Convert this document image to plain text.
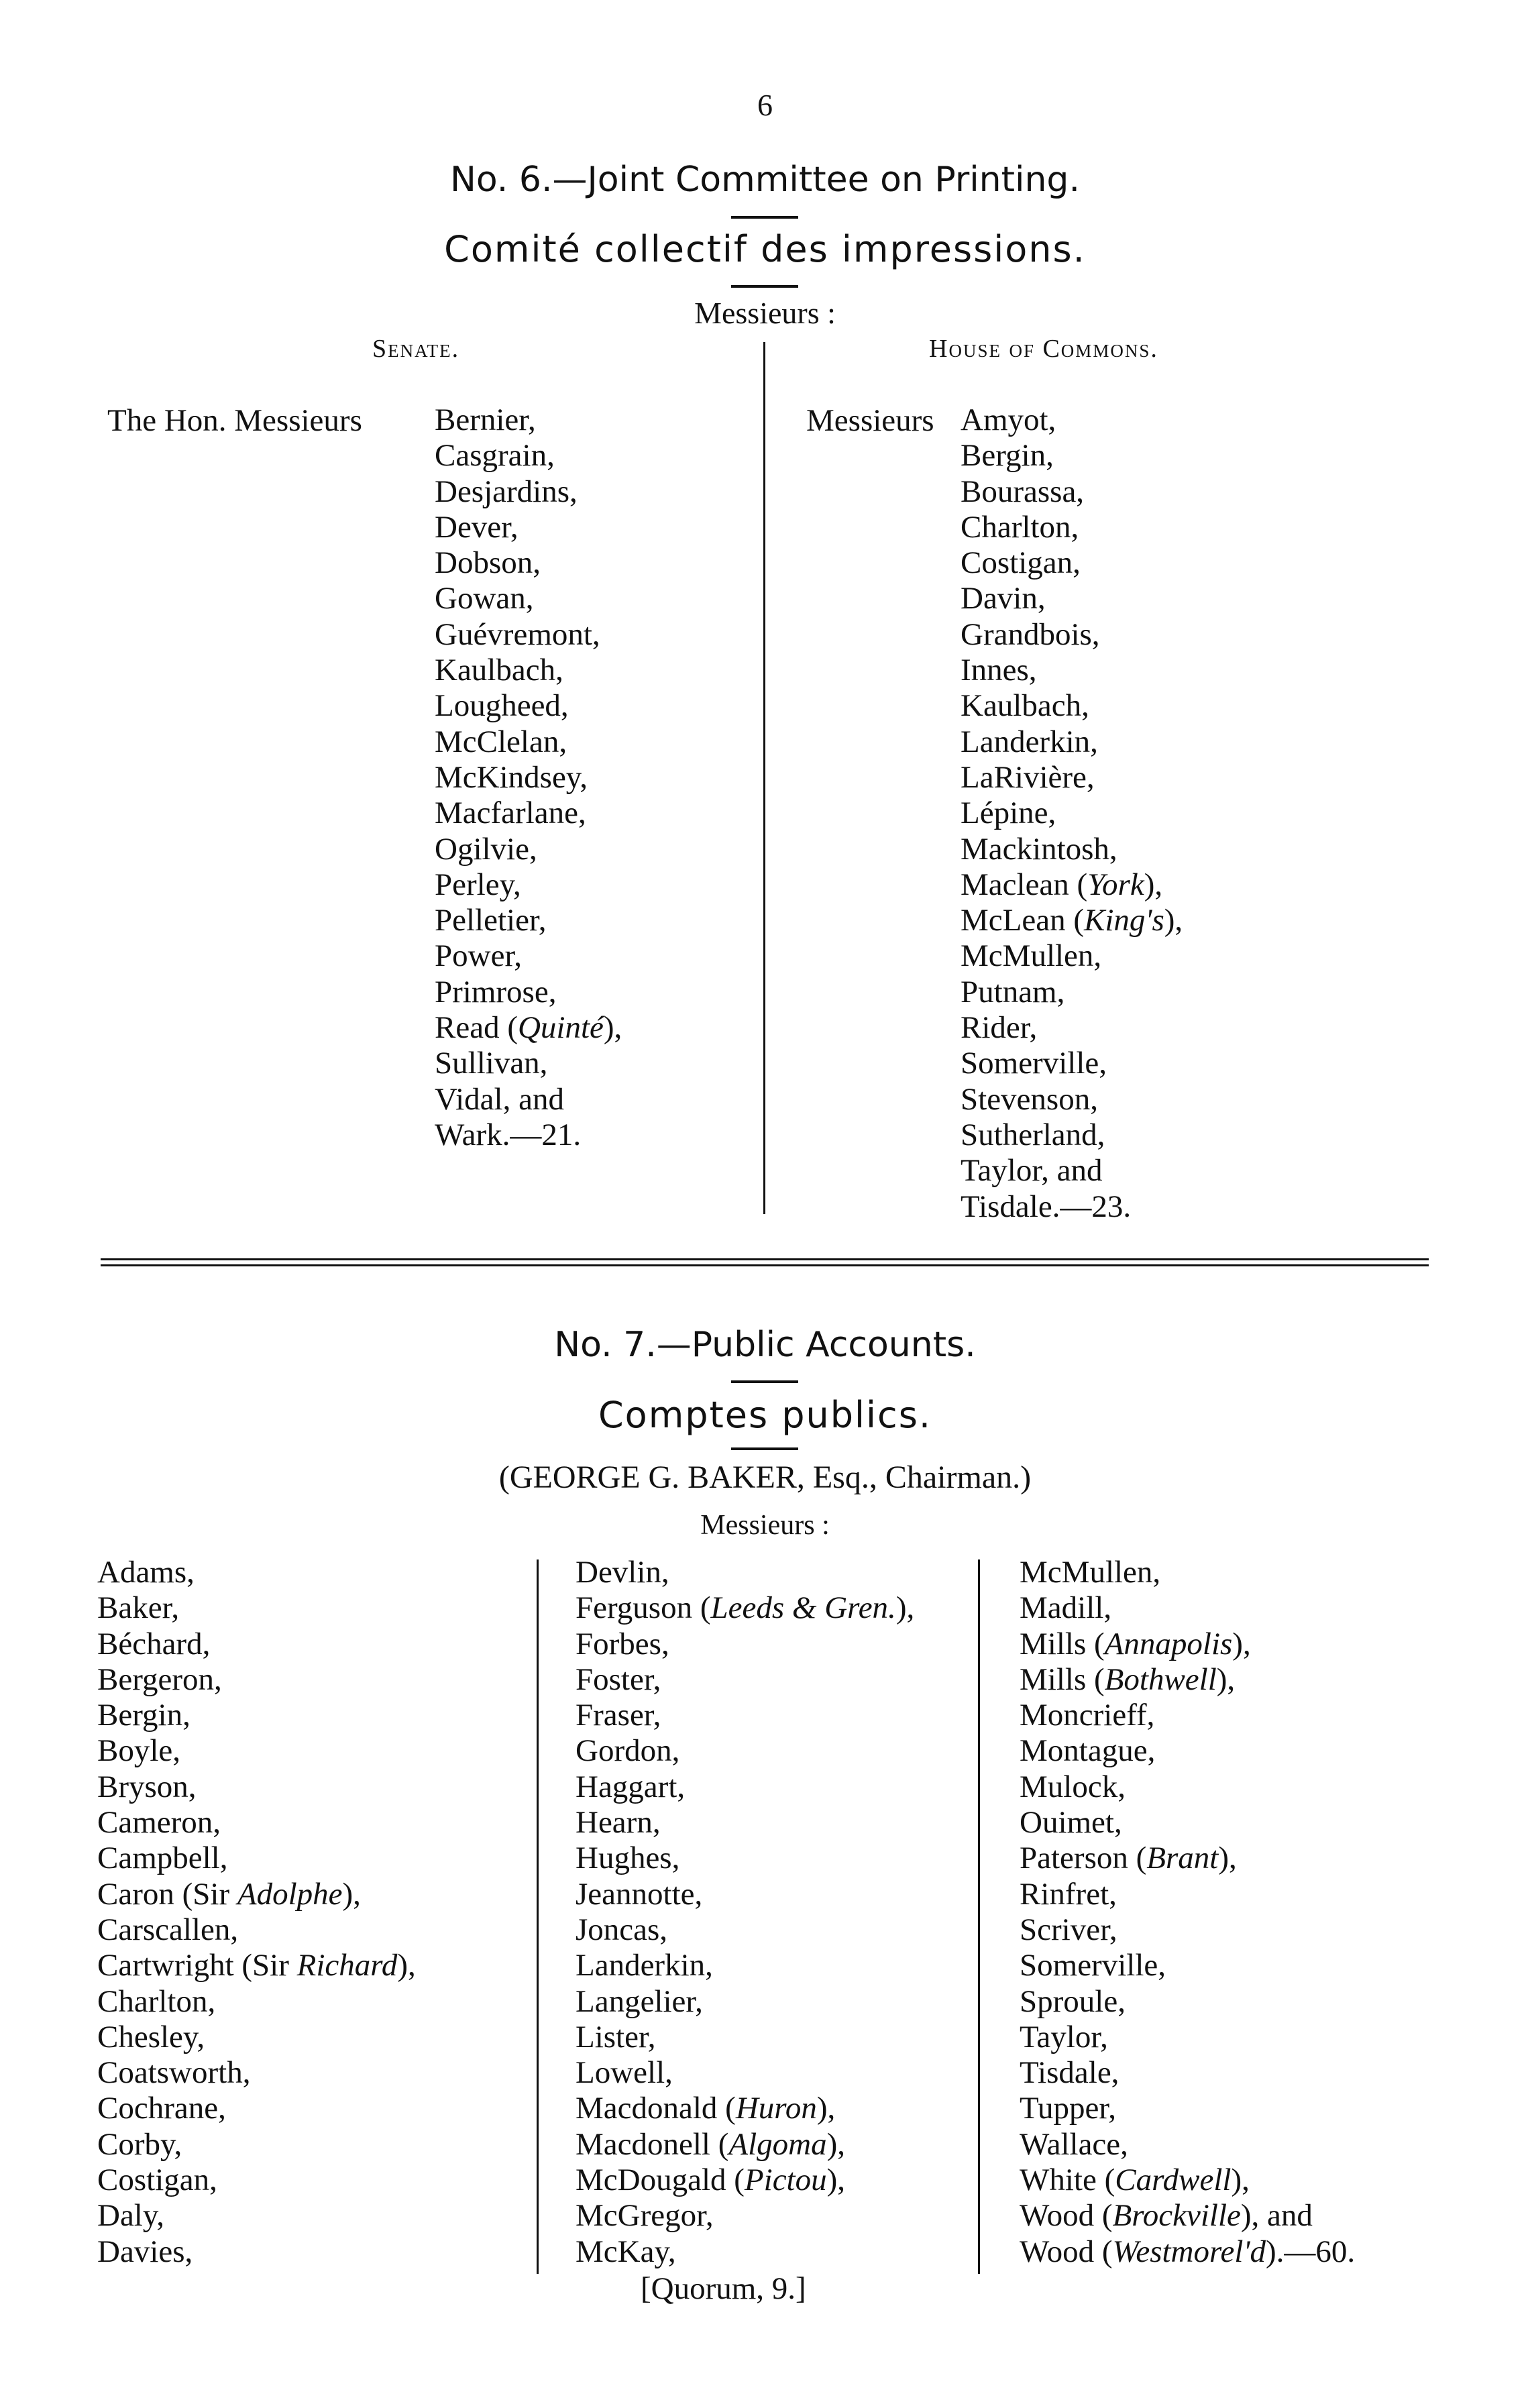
6
No. 6.—Joint Committee on Printing.
Comité collectif des impressions.
Messieurs :
Senate.	House of Commons.
The Hon. Messieurs Bernier,
Casgrain,
Desjardins,
Dever,
Dobson,
Gowan,
Guévremont,
Kaulbach,
Lougheed,
McClelan,
McKindsey,
Macfarlane,
Ogilvie,
Perley,
Pelletier,
Power,
Primrose,
Read (Quinté),
Sullivan,
Vidal, and
Wark.—21.
Messieurs Amyot,
Bergin,
Bourassa,
Charlton,
Costigan,
Davin,
Grandbois,
Innes,
Kaulbach,
Landerkin,
LaRivière,
Lépine,
Mackintosh,
Maclean (York),
McLean (King's),
McMullen,
Putnam,
Rider,
Somerville,
Stevenson,
Sutherland,
Taylor, and
Tisdale.—23.
No. 7.—Public Accounts.
Comptes publics.
(GEORGE G. BAKER, Esq., Chairman.)
Messieurs :
Adams,
Baker,
Béchard,
Bergeron,
Bergin,
Boyle,
Bryson,
Cameron,
Campbell,
Caron (Sir Adolphe),
Carscallen,
Cartwright (Sir Richard),
Charlton,
Chesley,
Coatsworth,
Cochrane,
Corby,
Costigan,
Daly,
Davies,
Devlin,
Ferguson (Leeds & Gren.),
Forbes,
Foster,
Fraser,
Gordon,
Haggart,
Hearn,
Hughes,
Jeannotte,
Joncas,
Landerkin,
Langelier,
Lister,
Lowell,
Macdonald (Huron),
Macdonell (Algoma),
McDougald (Pictou),
McGregor,
McKay,
McMullen,
Madill,
Mills (Annapolis),
Mills (Bothwell),
Moncrieff,
Montague,
Mulock,
Ouimet,
Paterson (Brant),
Rinfret,
Scriver,
Somerville,
Sproule,
Taylor,
Tisdale,
Tupper,
Wallace,
White (Cardwell),
Wood (Brockville), and
Wood (Westmorel'd).—60.
[Quorum, 9.]
